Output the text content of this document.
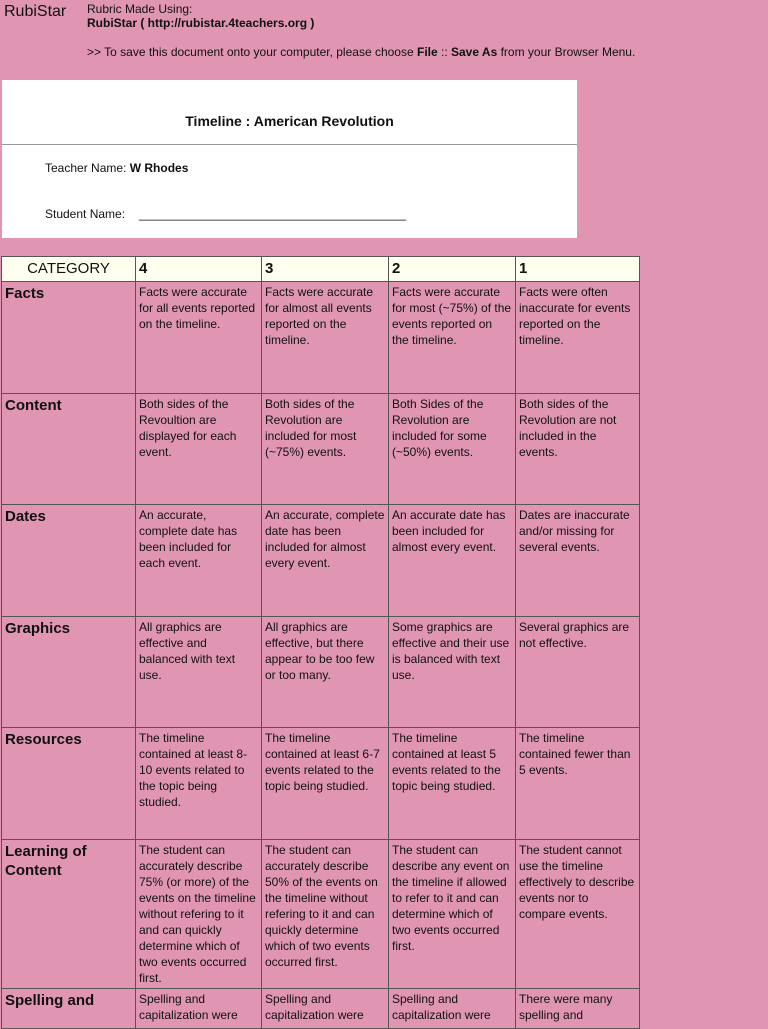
RubiStar Rubric Made Using:
RubiStar ( http://rubistar.4teachers.org )
>> To save this document onto your computer, please choose File :: Save As from your Browser Menu.
Timeline : American Revolution
Teacher Name: W Rhodes
Student Name: ________________________________________
CATEGORY	4	3	2	1
Facts	Facts were accurate for all events reported on the timeline.	Facts were accurate for almost all events reported on the timeline.	Facts were accurate for most (~75%) of the events reported on the timeline.	Facts were often inaccurate for events reported on the timeline.
Content	Both sides of the Revoultion are displayed for each event.	Both sides of the Revolution are included for most (~75%) events.	Both Sides of the Revolution are included for some (~50%) events.	Both sides of the Revolution are not included in the events.
Dates	An accurate, complete date has been included for each event.	An accurate, complete date has been included for almost every event.	An accurate date has been included for almost every event.	Dates are inaccurate and/or missing for several events.
Graphics	All graphics are effective and balanced with text use.	All graphics are effective, but there appear to be too few or too many.	Some graphics are effective and their use is balanced with text use.	Several graphics are not effective.
Resources	The timeline contained at least 8-10 events related to the topic being studied.	The timeline contained at least 6-7 events related to the topic being studied.	The timeline contained at least 5 events related to the topic being studied.	The timeline contained fewer than 5 events.
Learning of Content	The student can accurately describe 75% (or more) of the events on the timeline without refering to it and can quickly determine which of two events occurred first.	The student can accurately describe 50% of the events on the timeline without refering to it and can quickly determine which of two events occurred first.	The student can describe any event on the timeline if allowed to refer to it and can determine which of two events occurred first.	The student cannot use the timeline effectively to describe events nor to compare events.
Spelling and	Spelling and capitalization were	Spelling and capitalization were	Spelling and capitalization were	There were many spelling and
